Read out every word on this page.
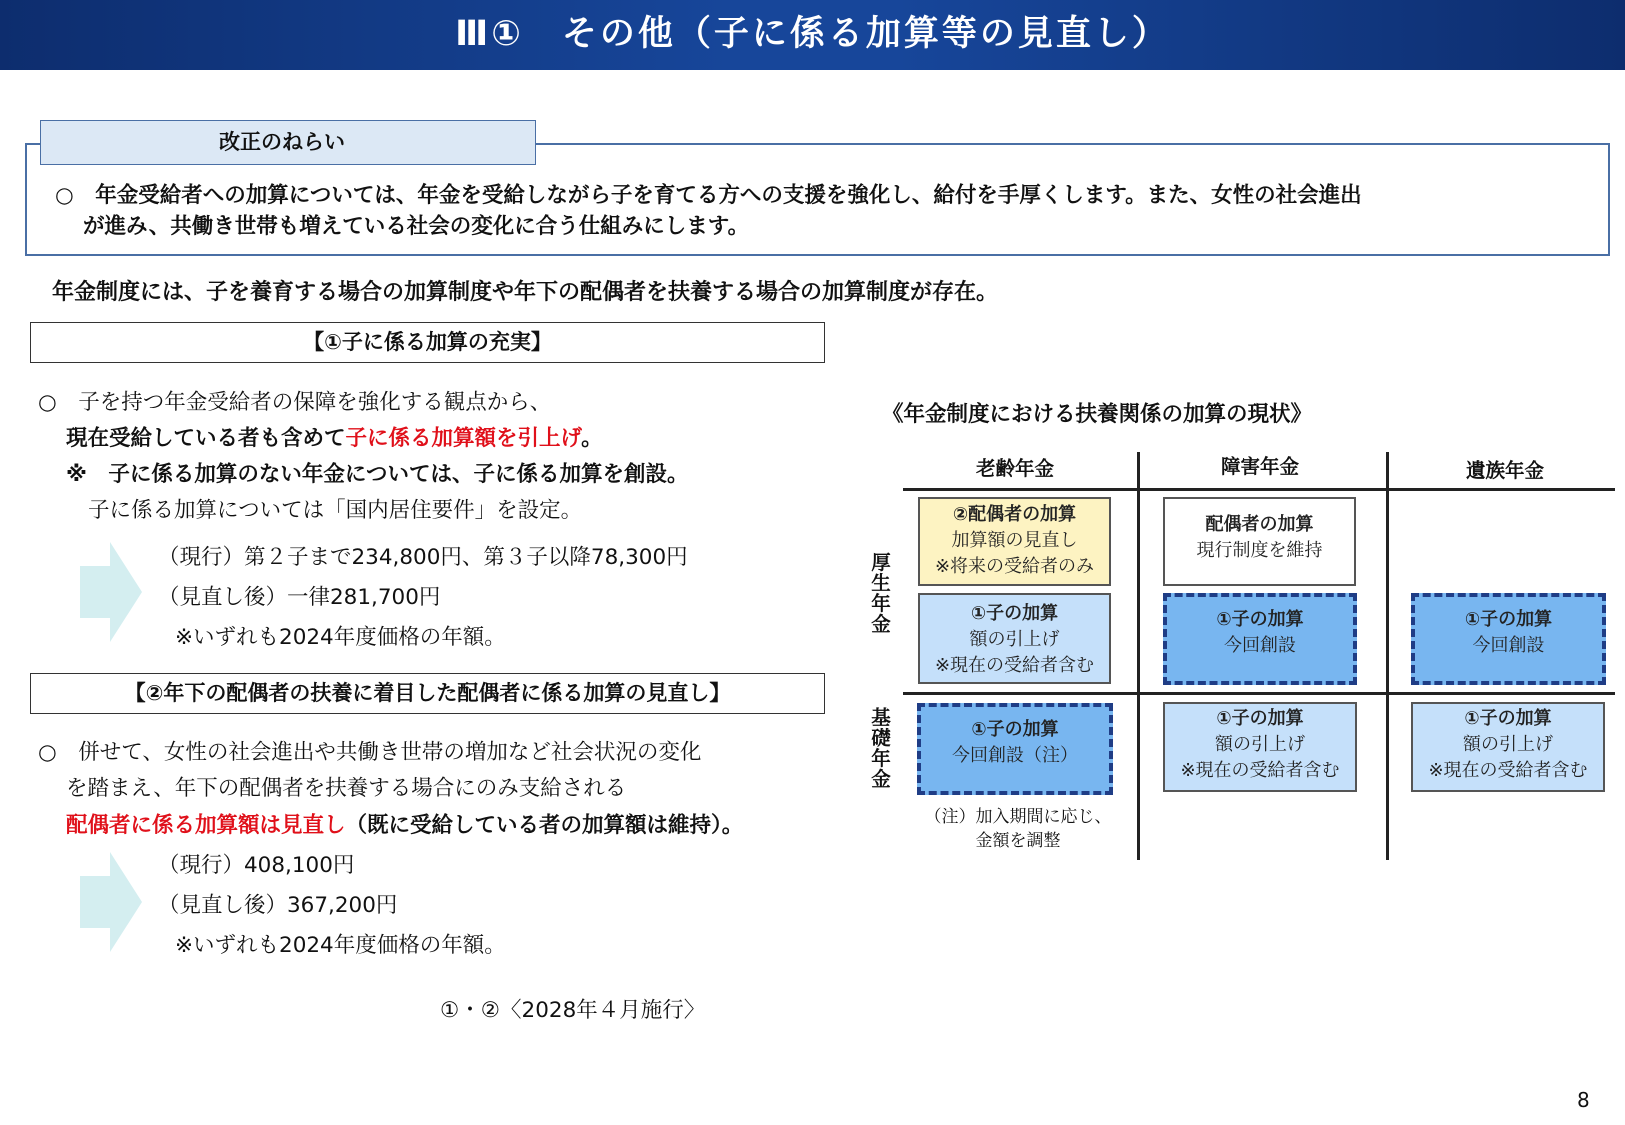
Ⅲ①　その他（子に係る加算等の見直し）
改正のねらい
○　 年金受給者への加算については、年金を受給しながら子を育てる方への支援を強化し、給付を手厚くします。また、女性の社会進出
が進み、共働き世帯も増えている社会の変化に合う仕組みにします。
年金制度には、子を養育する場合の加算制度や年下の配偶者を扶養する場合の加算制度が存在。
【①子に係る加算の充実】
○　子を持つ年金受給者の保障を強化する観点から、
現在受給している者も含めて子に係る加算額を引上げ。
※　子に係る加算のない年金については、子に係る加算を創設。
子に係る加算については「国内居住要件」を設定。
（現行）第２子まで234,800円、第３子以降78,300円
（見直し後）一律281,700円
※いずれも2024年度価格の年額。
【②年下の配偶者の扶養に着目した配偶者に係る加算の見直し】
○　併せて、女性の社会進出や共働き世帯の増加など社会状況の変化
を踏まえ、年下の配偶者を扶養する場合にのみ支給される
配偶者に係る加算額は見直し（既に受給している者の加算額は維持）。
（現行）408,100円
（見直し後）367,200円
※いずれも2024年度価格の年額。
①・②〈2028年４月施行〉
《年金制度における扶養関係の加算の現状》
老齢年金	障害年金	遺族年金
厚生年金
基礎年金
②配偶者の加算
加算額の見直し
※将来の受給者のみ
①子の加算
額の引上げ
※現在の受給者含む
配偶者の加算
現行制度を維持
①子の加算
今回創設
①子の加算
今回創設
①子の加算
今回創設（注）
①子の加算
額の引上げ
※現在の受給者含む
①子の加算
額の引上げ
※現在の受給者含む
（注）加入期間に応じ、
金額を調整
8
